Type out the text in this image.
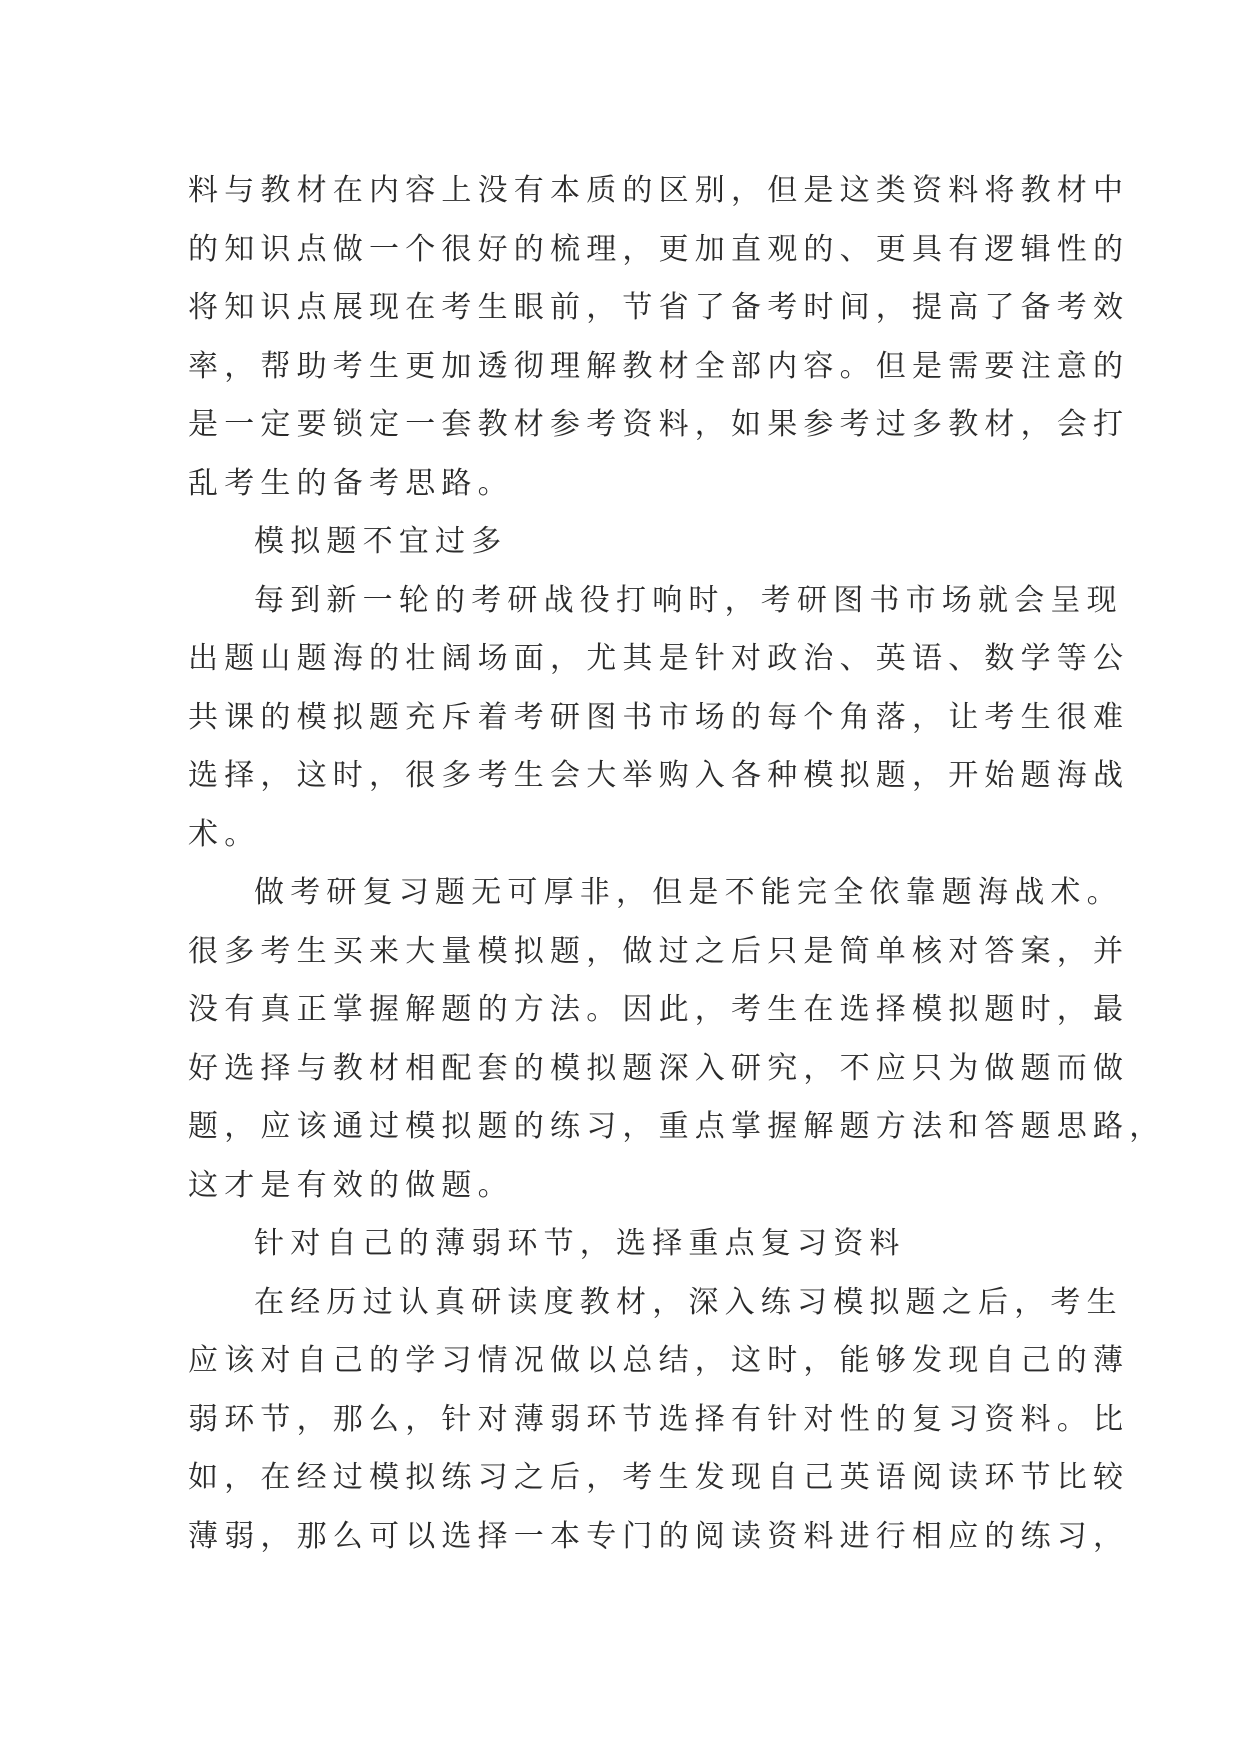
料与教材在内容上没有本质的区别，但是这类资料将教材中
的知识点做一个很好的梳理，更加直观的、更具有逻辑性的
将知识点展现在考生眼前，节省了备考时间，提高了备考效
率，帮助考生更加透彻理解教材全部内容。但是需要注意的
是一定要锁定一套教材参考资料，如果参考过多教材，会打
乱考生的备考思路。

模拟题不宜过多

每到新一轮的考研战役打响时，考研图书市场就会呈现
出题山题海的壮阔场面，尤其是针对政治、英语、数学等公
共课的模拟题充斥着考研图书市场的每个角落，让考生很难
选择，这时，很多考生会大举购入各种模拟题，开始题海战
术。

做考研复习题无可厚非，但是不能完全依靠题海战术。
很多考生买来大量模拟题，做过之后只是简单核对答案，并
没有真正掌握解题的方法。因此，考生在选择模拟题时，最
好选择与教材相配套的模拟题深入研究，不应只为做题而做
题，应该通过模拟题的练习，重点掌握解题方法和答题思路，
这才是有效的做题。

针对自己的薄弱环节，选择重点复习资料

在经历过认真研读度教材，深入练习模拟题之后，考生
应该对自己的学习情况做以总结，这时，能够发现自己的薄
弱环节，那么，针对薄弱环节选择有针对性的复习资料。比
如，在经过模拟练习之后，考生发现自己英语阅读环节比较
薄弱，那么可以选择一本专门的阅读资料进行相应的练习，
